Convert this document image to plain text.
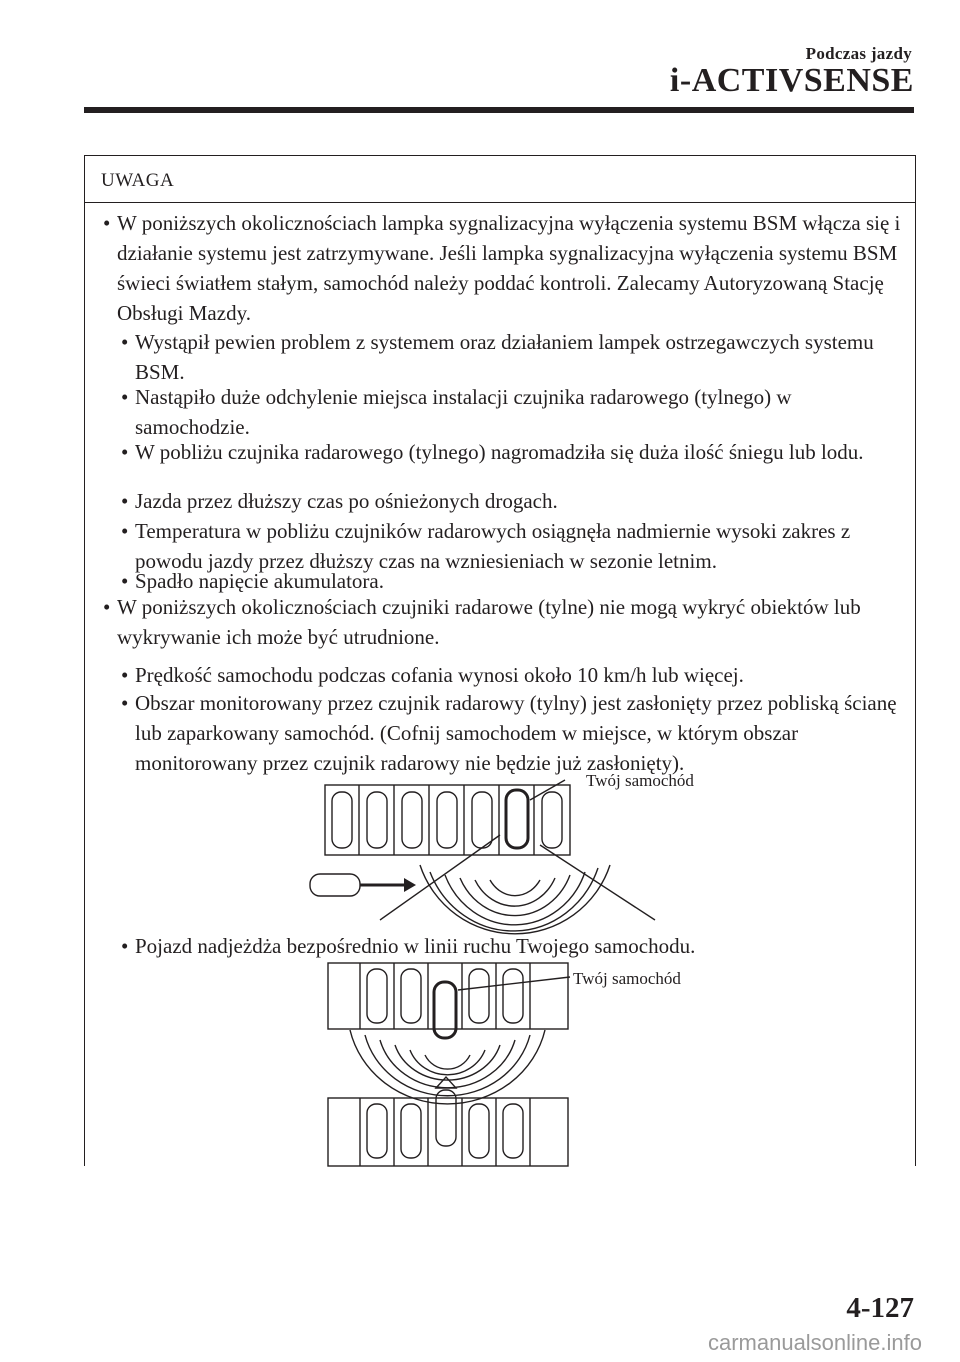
Podczas jazdy
i-ACTIVSENSE
UWAGA
• W poniższych okolicznościach lampka sygnalizacyjna wyłączenia systemu BSM włącza się i działanie systemu jest zatrzymywane. Jeśli lampka sygnalizacyjna wyłączenia systemu BSM świeci światłem stałym, samochód należy poddać kontroli. Zalecamy Autoryzowaną Stację Obsługi Mazdy.
• Wystąpił pewien problem z systemem oraz działaniem lampek ostrzegawczych systemu BSM.
• Nastąpiło duże odchylenie miejsca instalacji czujnika radarowego (tylnego) w samochodzie.
• W pobliżu czujnika radarowego (tylnego) nagromadziła się duża ilość śniegu lub lodu.
• Jazda przez dłuższy czas po ośnieżonych drogach.
• Temperatura w pobliżu czujników radarowych osiągnęła nadmiernie wysoki zakres z powodu jazdy przez dłuższy czas na wzniesieniach w sezonie letnim.
• Spadło napięcie akumulatora.
• W poniższych okolicznościach czujniki radarowe (tylne) nie mogą wykryć obiektów lub wykrywanie ich może być utrudnione.
• Prędkość samochodu podczas cofania wynosi około 10 km/h lub więcej.
• Obszar monitorowany przez czujnik radarowy (tylny) jest zasłonięty przez pobliską ścianę lub zaparkowany samochód. (Cofnij samochodem w miejsce, w którym obszar monitorowany przez czujnik radarowy nie będzie już zasłonięty).
Twój samochód
• Pojazd nadjeżdża bezpośrednio w linii ruchu Twojego samochodu.
Twój samochód
4-127
carmanualsonline.info
